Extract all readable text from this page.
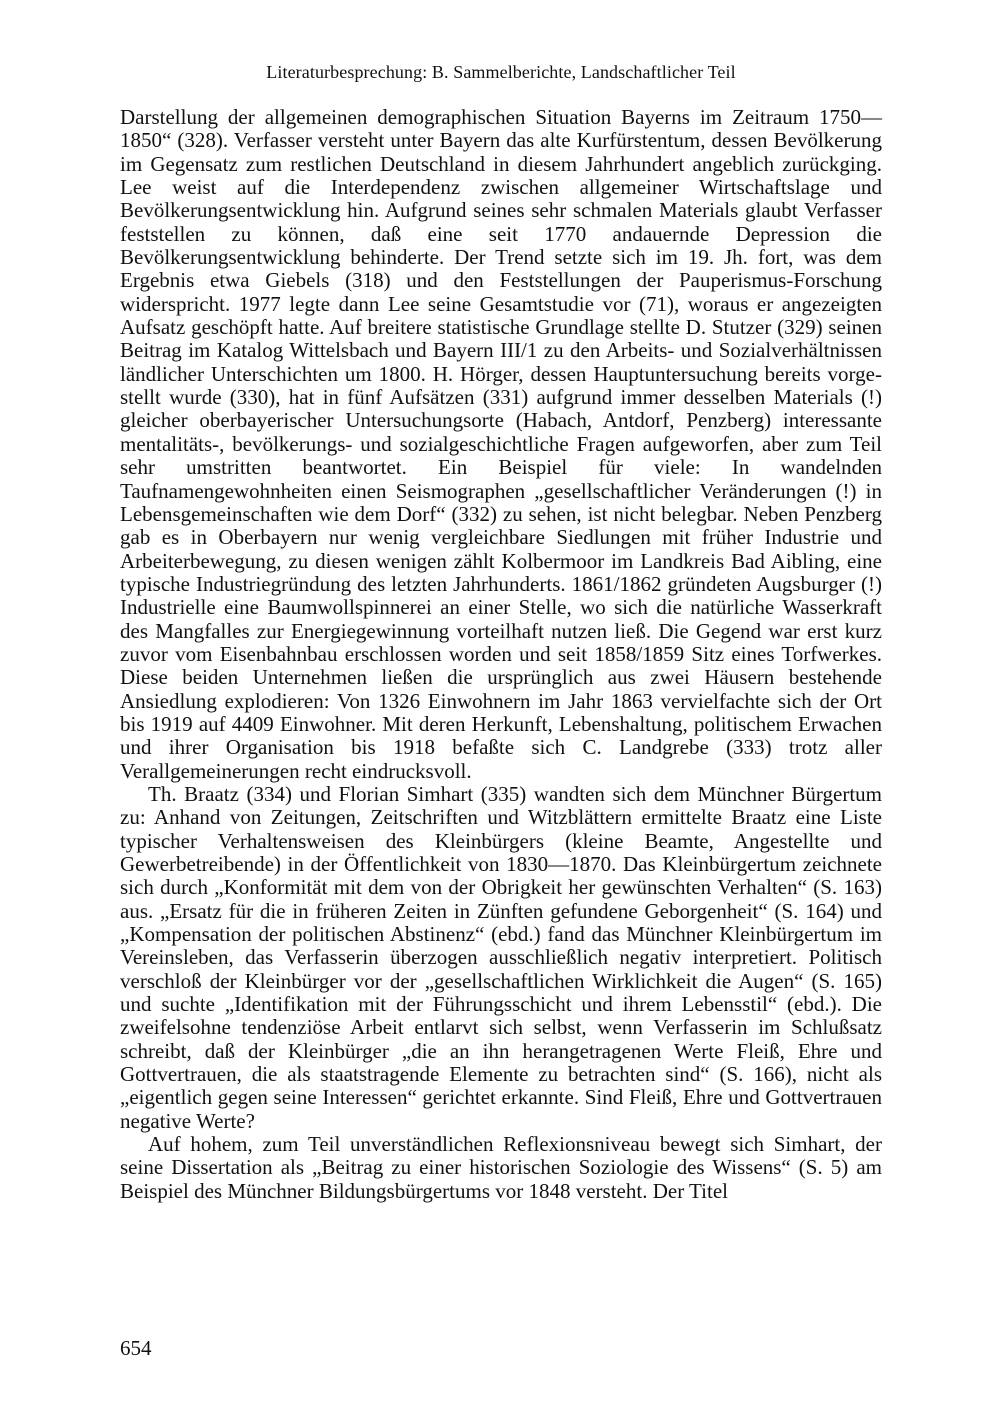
Literaturbesprechung: B. Sammelberichte, Landschaftlicher Teil

Darstellung der allgemeinen demographischen Situation Bayerns im Zeitraum 1750—1850“ (328). Verfasser versteht unter Bayern das alte Kurfürstentum, dessen Bevölkerung im Gegensatz zum restlichen Deutschland in diesem Jahrhundert angeblich zurückging. Lee weist auf die Interdependenz zwischen allgemeiner Wirtschaftslage und Bevölkerungsentwicklung hin. Aufgrund seines sehr schmalen Materials glaubt Verfasser feststellen zu können, daß eine seit 1770 andauernde Depression die Bevölkerungsentwicklung behinderte. Der Trend setzte sich im 19. Jh. fort, was dem Ergebnis etwa Giebels (318) und den Feststellungen der Pauperismus-Forschung widerspricht. 1977 legte dann Lee seine Gesamtstudie vor (71), woraus er angezeigten Aufsatz geschöpft hatte. Auf breitere statistische Grundlage stellte D. Stutzer (329) seinen Beitrag im Katalog Wittelsbach und Bayern III/1 zu den Arbeits- und Sozialverhältnissen ländlicher Unterschichten um 1800. H. Hörger, dessen Hauptuntersuchung bereits vorgestellt wurde (330), hat in fünf Aufsätzen (331) aufgrund immer desselben Materials (!) gleicher oberbayerischer Untersuchungsorte (Habach, Antdorf, Penzberg) interessante mentalitäts-, bevölkerungs- und sozialgeschichtliche Fragen aufgeworfen, aber zum Teil sehr umstritten beantwortet. Ein Beispiel für viele: In wandelnden Taufnamengewohnheiten einen Seismographen „gesellschaftlicher Veränderungen (!) in Lebensgemeinschaften wie dem Dorf“ (332) zu sehen, ist nicht belegbar. Neben Penzberg gab es in Oberbayern nur wenig vergleichbare Siedlungen mit früher Industrie und Arbeiterbewegung, zu diesen wenigen zählt Kolbermoor im Landkreis Bad Aibling, eine typische Industriegründung des letzten Jahrhunderts. 1861/1862 gründeten Augsburger (!) Industrielle eine Baumwollspinnerei an einer Stelle, wo sich die natürliche Wasserkraft des Mangfalles zur Energiegewinnung vorteilhaft nutzen ließ. Die Gegend war erst kurz zuvor vom Eisenbahnbau erschlossen worden und seit 1858/1859 Sitz eines Torfwerkes. Diese beiden Unternehmen ließen die ursprünglich aus zwei Häusern bestehende Ansiedlung explodieren: Von 1326 Einwohnern im Jahr 1863 vervielfachte sich der Ort bis 1919 auf 4409 Einwohner. Mit deren Herkunft, Lebenshaltung, politischem Erwachen und ihrer Organisation bis 1918 befaßte sich C. Landgrebe (333) trotz aller Verallgemeinerungen recht eindrucksvoll.

Th. Braatz (334) und Florian Simhart (335) wandten sich dem Münchner Bürgertum zu: Anhand von Zeitungen, Zeitschriften und Witzblättern ermittelte Braatz eine Liste typischer Verhaltensweisen des Kleinbürgers (kleine Beamte, Angestellte und Gewerbetreibende) in der Öffentlichkeit von 1830—1870. Das Kleinbürgertum zeichnete sich durch „Konformität mit dem von der Obrigkeit her gewünschten Verhalten“ (S. 163) aus. „Ersatz für die in früheren Zeiten in Zünften gefundene Geborgenheit“ (S. 164) und „Kompensation der politischen Abstinenz“ (ebd.) fand das Münchner Kleinbürgertum im Vereinsleben, das Verfasserin überzogen ausschließlich negativ interpretiert. Politisch verschloß der Kleinbürger vor der „gesellschaftlichen Wirklichkeit die Augen“ (S. 165) und suchte „Identifikation mit der Führungsschicht und ihrem Lebensstil“ (ebd.). Die zweifelsohne tendenziöse Arbeit entlarvt sich selbst, wenn Verfasserin im Schlußsatz schreibt, daß der Kleinbürger „die an ihn herangetragenen Werte Fleiß, Ehre und Gottvertrauen, die als staatstragende Elemente zu betrachten sind“ (S. 166), nicht als „eigentlich gegen seine Interessen“ gerichtet erkannte. Sind Fleiß, Ehre und Gottvertrauen negative Werte?

Auf hohem, zum Teil unverständlichen Reflexionsniveau bewegt sich Simhart, der seine Dissertation als „Beitrag zu einer historischen Soziologie des Wissens“ (S. 5) am Beispiel des Münchner Bildungsbürgertums vor 1848 versteht. Der Titel

654
